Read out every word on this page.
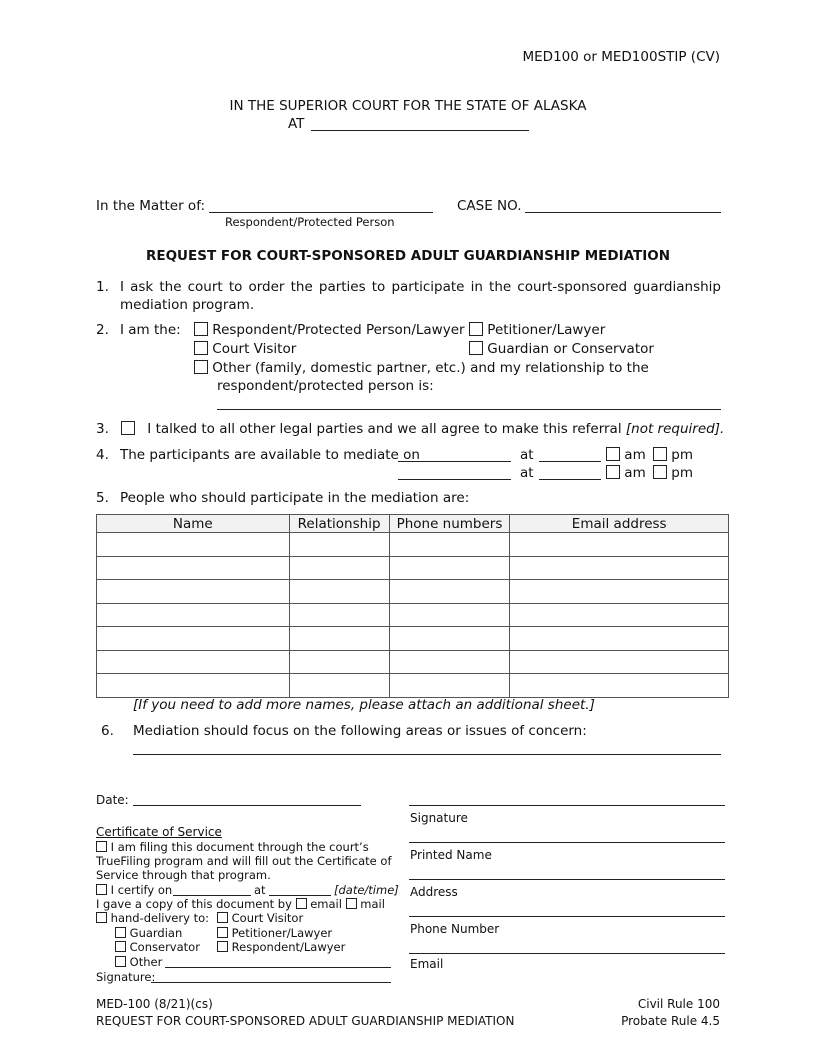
MED100 or MED100STIP (CV)
IN THE SUPERIOR COURT FOR THE STATE OF ALASKA
AT
In the Matter of:
Respondent/Protected Person
CASE NO.
REQUEST FOR COURT-SPONSORED ADULT GUARDIANSHIP MEDIATION
1. I ask the court to order the parties to participate in the court-sponsored guardianship
mediation program.
2. I am the:	Respondent/Protected Person/Lawyer	Petitioner/Lawyer
Court Visitor	Guardian or Conservator
Other (family, domestic partner, etc.) and my relationship to the
respondent/protected person is:
3.	I talked to all other legal parties and we all agree to make this referral [not required].
4. The participants are available to mediate on	at	am	pm
at	am	pm
5. People who should participate in the mediation are:
Name	Relationship	Phone numbers	Email address

[If you need to add more names, please attach an additional sheet.]
6. Mediation should focus on the following areas or issues of concern:
Date:
Signature
Printed Name
Address
Phone Number
Email
Certificate of Service
I am filing this document through the court’s
TrueFiling program and will fill out the Certificate of
Service through that program.
I certify on	at	[date/time]
I gave a copy of this document by email mail
hand-delivery to:	Court Visitor
Guardian	Petitioner/Lawyer
Conservator	Respondent/Lawyer
Other
Signature:
MED-100 (8/21)(cs)
REQUEST FOR COURT-SPONSORED ADULT GUARDIANSHIP MEDIATION
Civil Rule 100
Probate Rule 4.5
